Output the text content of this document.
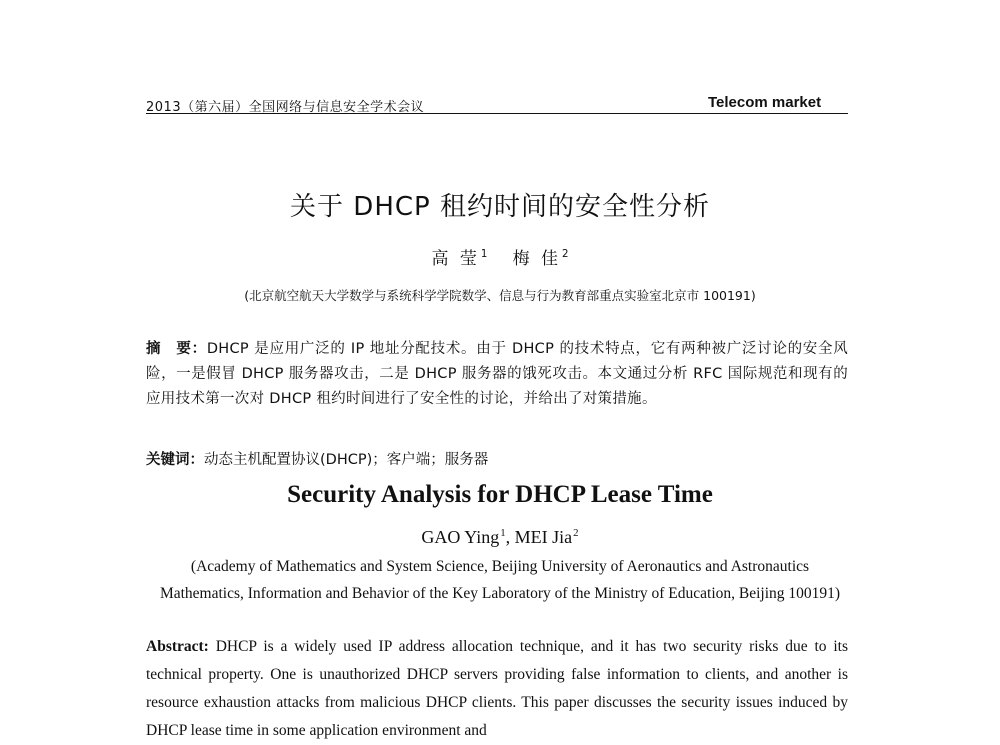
2013（第六届）全国网络与信息安全学术会议	Telecom market
关于 DHCP 租约时间的安全性分析
高 莹$^1$ 梅 佳$^2$
(北京航空航天大学数学与系统科学学院数学、信息与行为教育部重点实验室北京市 100191)
摘　要：DHCP 是应用广泛的 IP 地址分配技术。由于 DHCP 的技术特点，它有两种被广泛讨论的安全风险，一是假冒 DHCP 服务器攻击，二是 DHCP 服务器的饿死攻击。本文通过分析 RFC 国际规范和现有的应用技术第一次对 DHCP 租约时间进行了安全性的讨论，并给出了对策措施。
关键词：动态主机配置协议(DHCP)；客户端；服务器
Security Analysis for DHCP Lease Time
GAO Ying$^1$, MEI Jia$^2$
(Academy of Mathematics and System Science, Beijing University of Aeronautics and Astronautics Mathematics, Information and Behavior of the Key Laboratory of the Ministry of Education, Beijing 100191)
Abstract: DHCP is a widely used IP address allocation technique, and it has two security risks due to its technical property. One is unauthorized DHCP servers providing false information to clients, and another is resource exhaustion attacks from malicious DHCP clients. This paper discusses the security issues induced by DHCP lease time in some application environment and
